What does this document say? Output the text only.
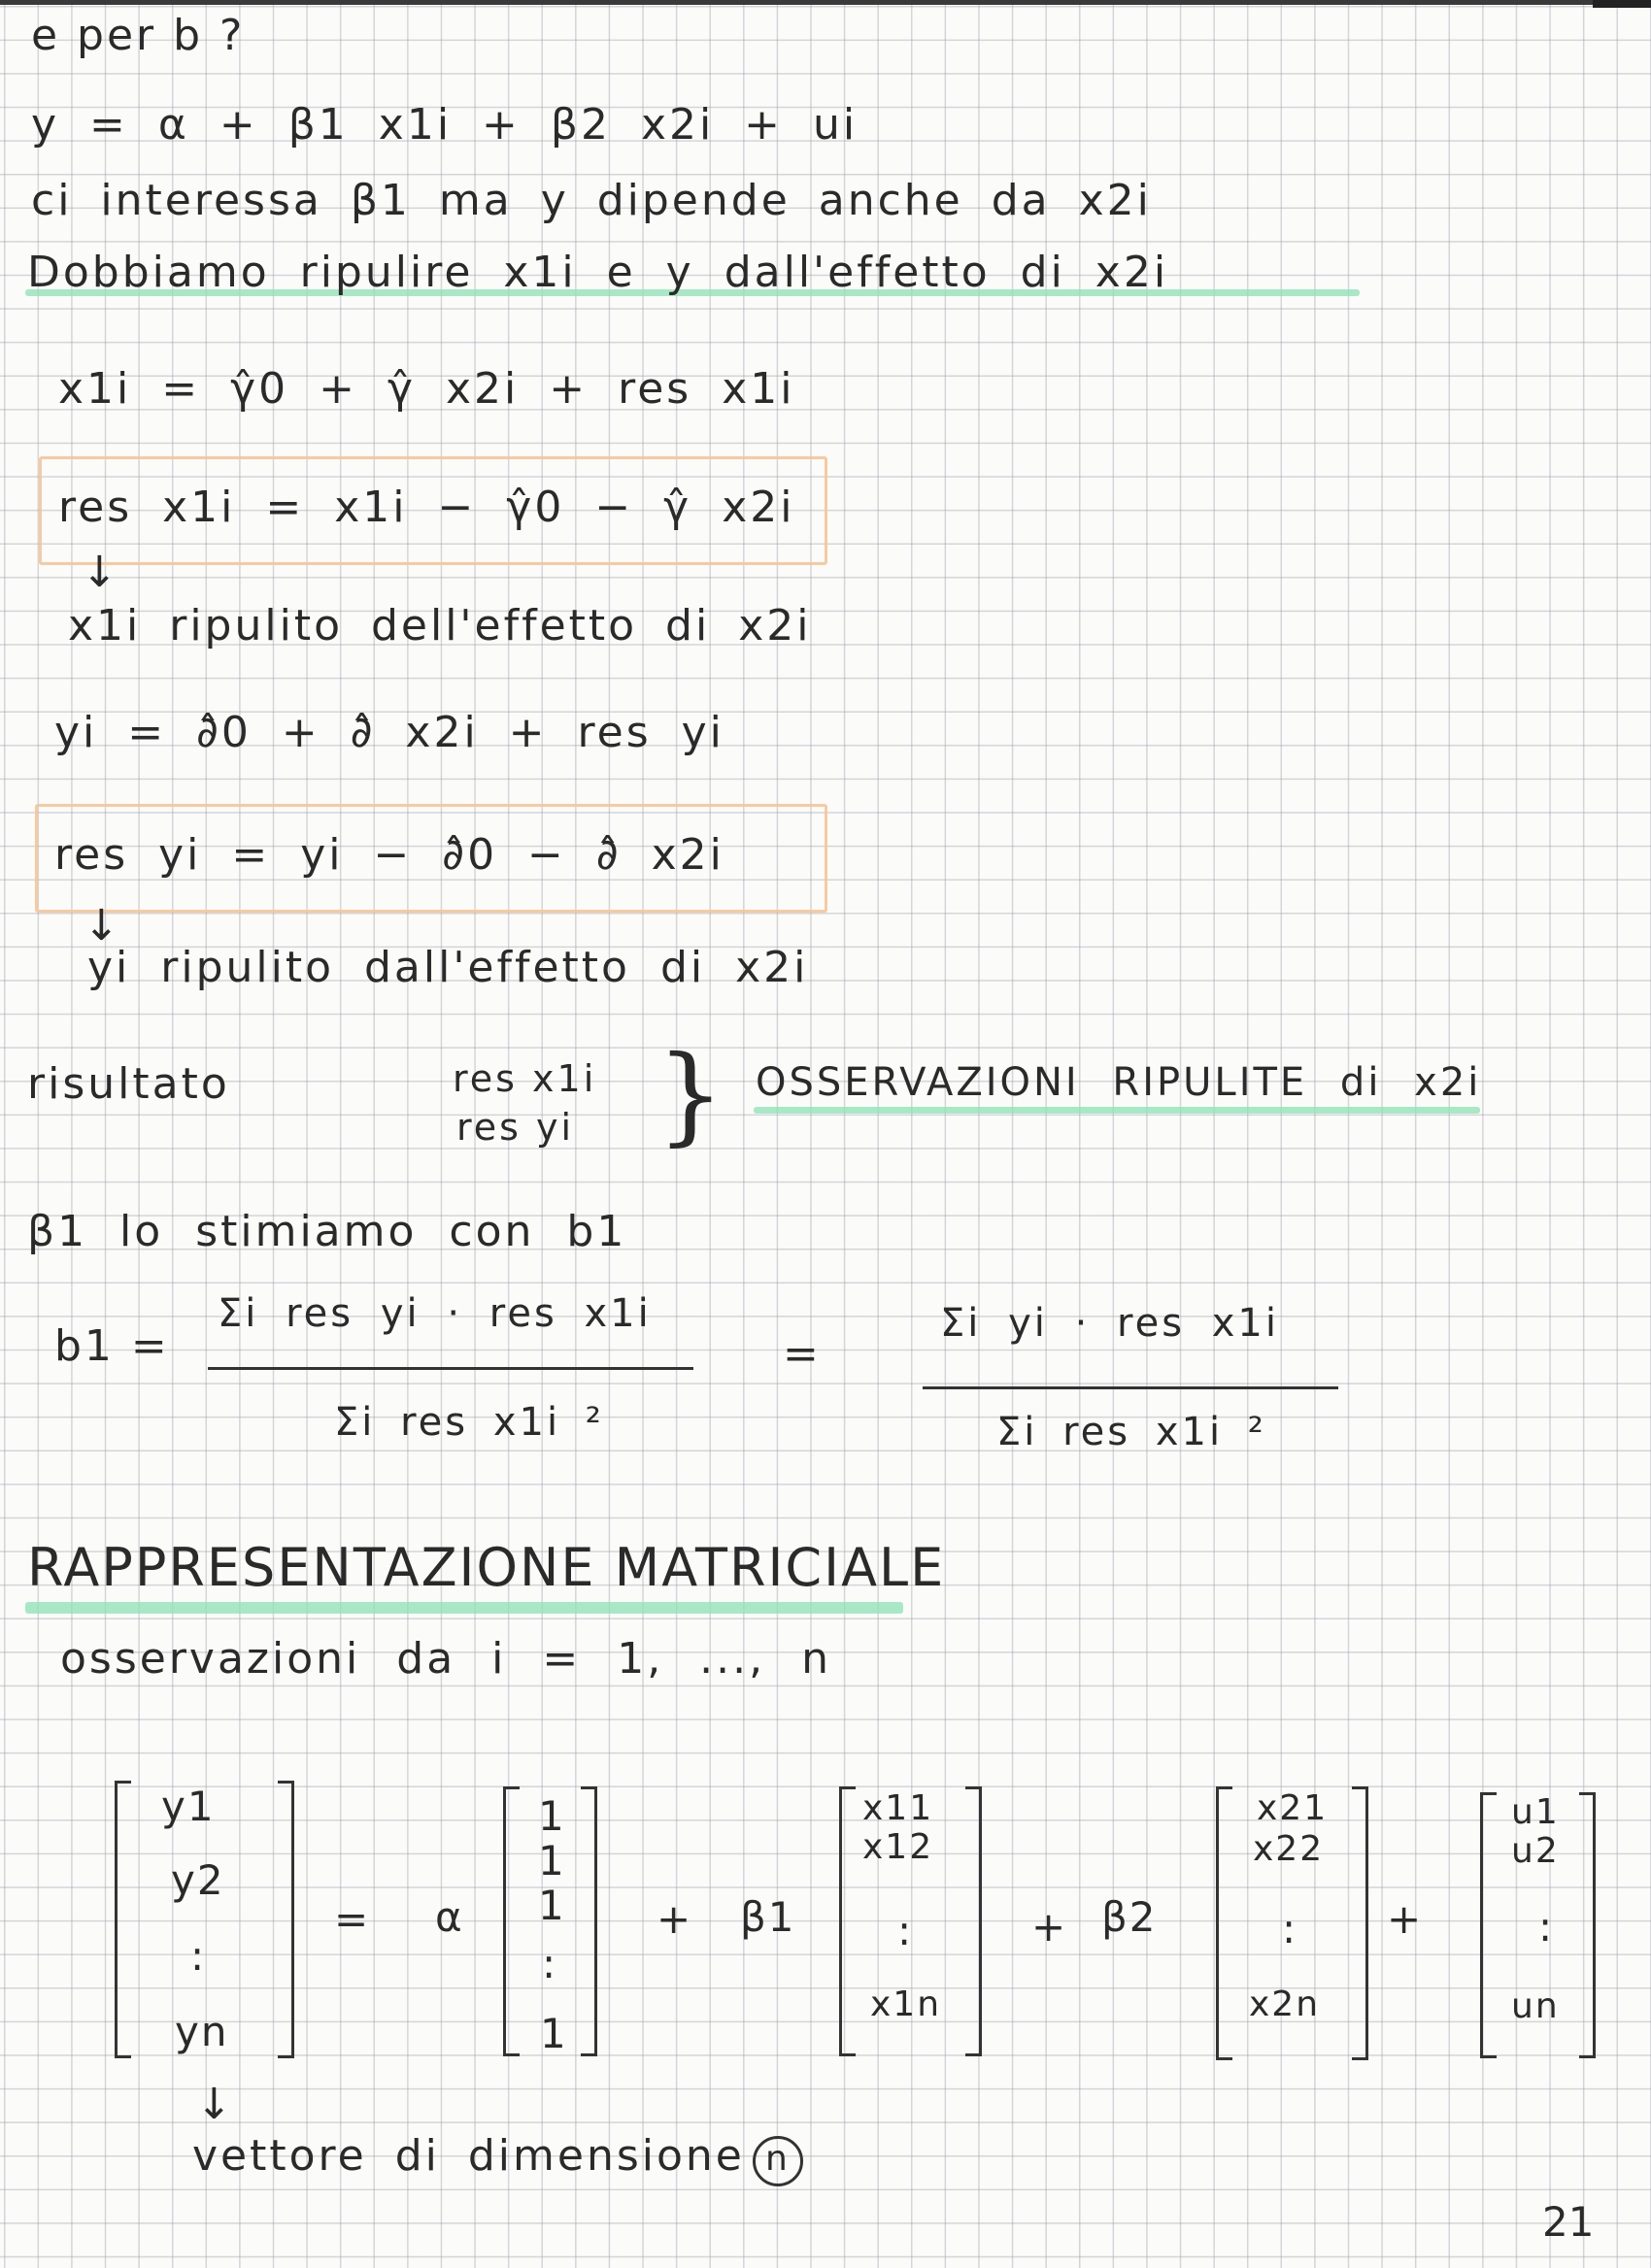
e per b ?
y = α + β1 x1i + β2 x2i + ui
ci interessa β1 ma y dipende anche da x2i
Dobbiamo ripulire x1i e y dall'effetto di x2i
x1i = γ̂0 + γ̂ x2i + res x1i
res x1i = x1i − γ̂0 − γ̂ x2i
↓
x1i ripulito dell'effetto di x2i
yi = ∂̂0 + ∂̂ x2i + res yi
res yi = yi − ∂̂0 − ∂̂ x2i
↓
yi ripulito dall'effetto di x2i
risultato	res x1i
res yi } OSSERVAZIONI RIPULITE di x2i
β1 lo stimiamo con b1
b1 =
Σi res yi · res x1i
Σi res x1i ²
=
Σi yi · res x1i
Σi res x1i ²
RAPPRESENTAZIONE MATRICIALE
osservazioni da i = 1, ..., n
y1
y2
:
yn
= α
1
1
1
:
1
+ β1
x11
x12
:
x1n
+ β2
x21
x22
:
x2n
+
u1
u2
:
un
↓
vettore di dimensione n
21
